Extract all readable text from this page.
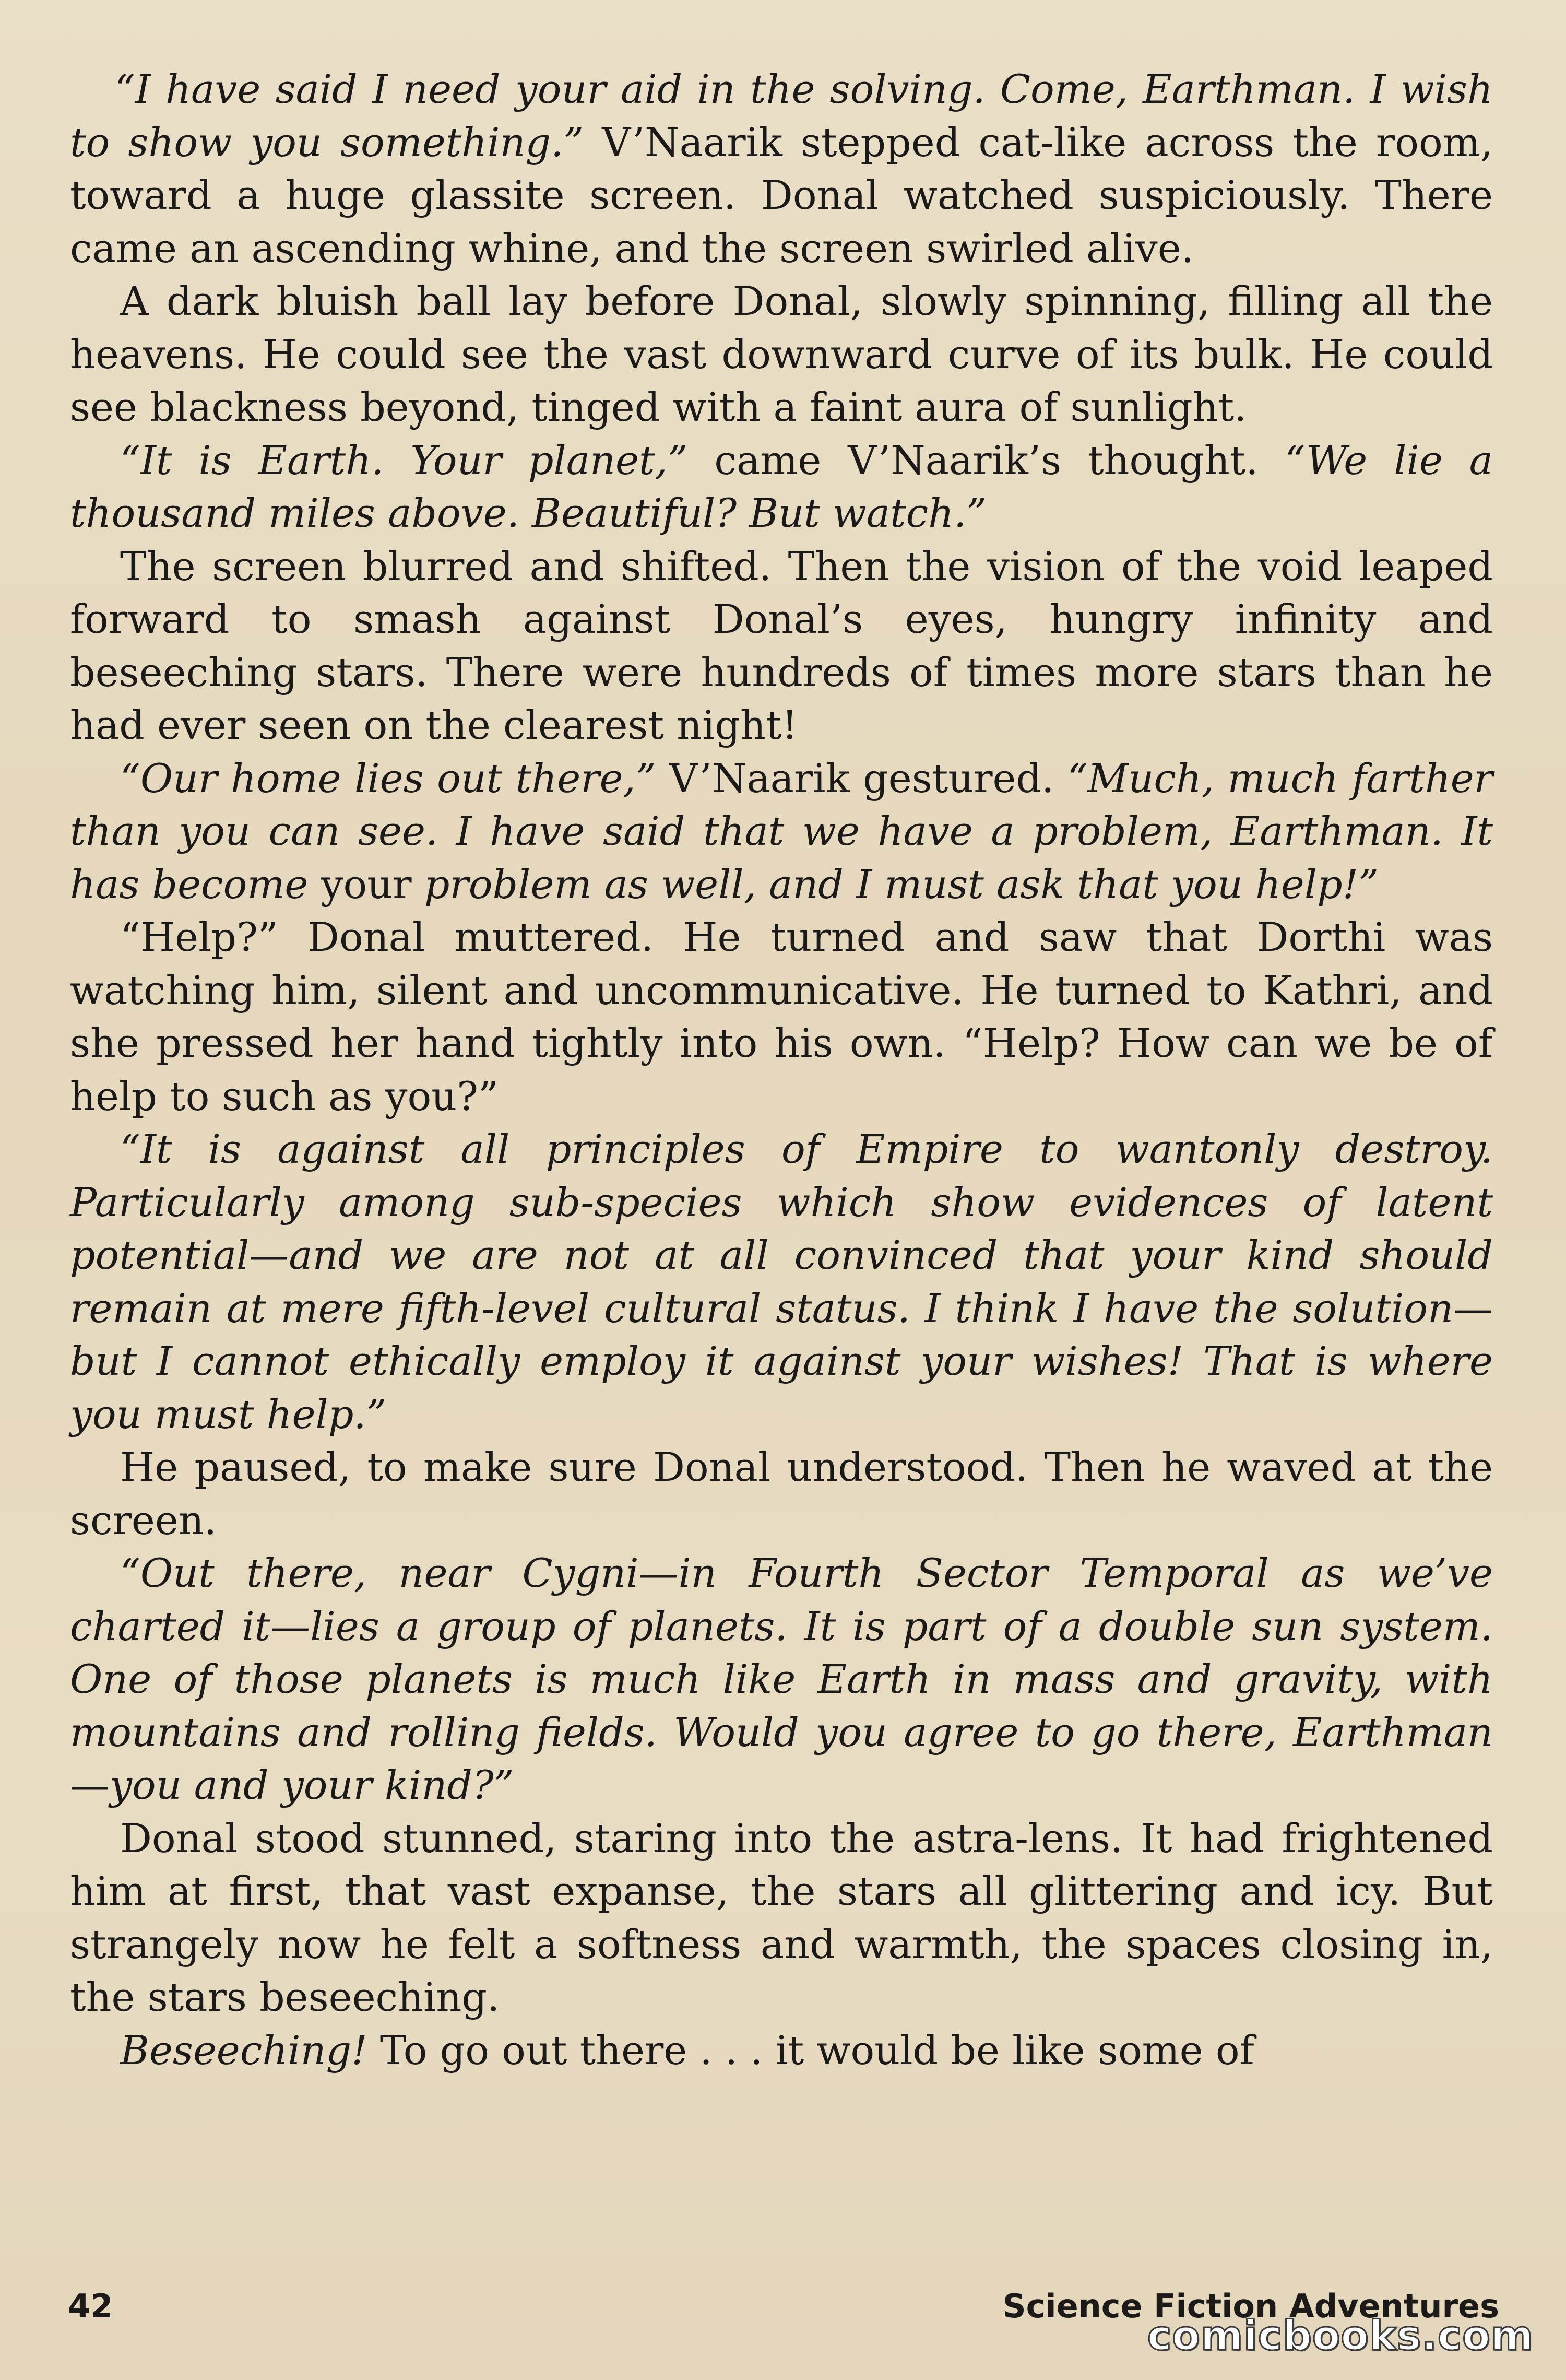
“I have said I need your aid in the solving. Come, Earthman. I wish to show you something.” V’Naarik stepped cat-like across the room, toward a huge glassite screen. Donal watched suspiciously. There came an ascending whine, and the screen swirled alive.

A dark bluish ball lay before Donal, slowly spinning, filling all the heavens. He could see the vast downward curve of its bulk. He could see blackness beyond, tinged with a faint aura of sunlight.

“It is Earth. Your planet,” came V’Naarik’s thought. “We lie a thousand miles above. Beautiful? But watch.”

The screen blurred and shifted. Then the vision of the void leaped forward to smash against Donal’s eyes, hungry infinity and beseeching stars. There were hundreds of times more stars than he had ever seen on the clearest night!

“Our home lies out there,” V’Naarik gestured. “Much, much farther than you can see. I have said that we have a problem, Earthman. It has become your problem as well, and I must ask that you help!”

“Help?” Donal muttered. He turned and saw that Dorthi was watching him, silent and uncommunicative. He turned to Kathri, and she pressed her hand tightly into his own. “Help? How can we be of help to such as you?”

“It is against all principles of Empire to wantonly destroy. Particularly among sub-species which show evidences of latent potential—and we are not at all convinced that your kind should remain at mere fifth-level cultural status. I think I have the solution—but I cannot ethically employ it against your wishes! That is where you must help.”

He paused, to make sure Donal understood. Then he waved at the screen.

“Out there, near Cygni—in Fourth Sector Temporal as we’ve charted it—lies a group of planets. It is part of a double sun system. One of those planets is much like Earth in mass and gravity, with mountains and rolling fields. Would you agree to go there, Earthman—you and your kind?”

Donal stood stunned, staring into the astra-lens. It had frightened him at first, that vast expanse, the stars all glittering and icy. But strangely now he felt a softness and warmth, the spaces closing in, the stars beseeching.

Beseeching! To go out there . . . it would be like some of

42	Science Fiction Adventures
comicbooks.com
